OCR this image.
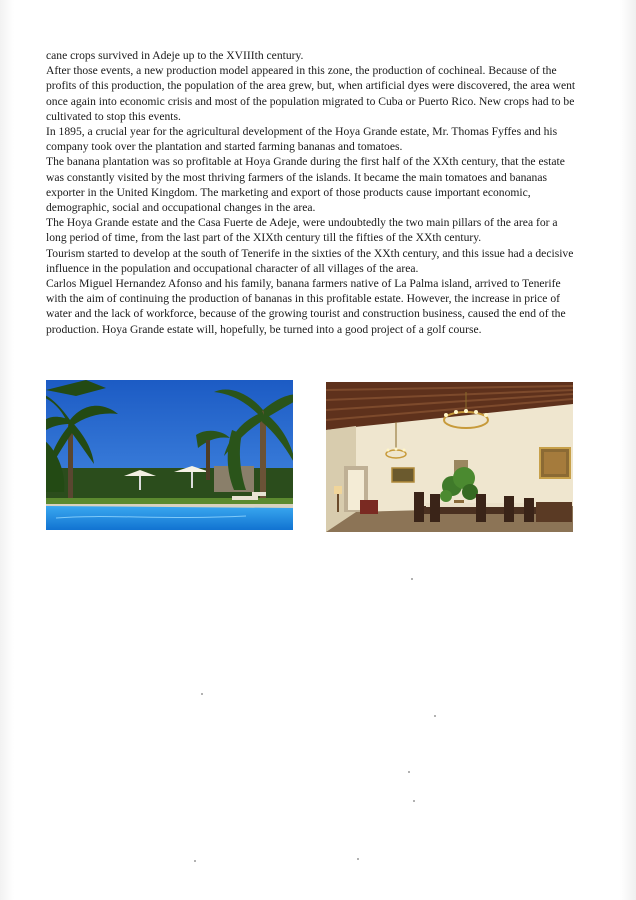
cane crops survived in Adeje up to the XVIIIth century.

After those events, a new production model appeared in this zone, the production of cochineal. Because of the profits of this production, the population of the area grew, but, when artificial dyes were discovered, the area went once again into economic crisis and most of the population migrated to Cuba or Puerto Rico. New crops had to be cultivated to stop this events.

In 1895, a crucial year for the agricultural development of the Hoya Grande estate, Mr. Thomas Fyffes and his company took over the plantation and started farming bananas and tomatoes.

The banana plantation was so profitable at Hoya Grande during the first half of the XXth century, that the estate was constantly visited by the most thriving farmers of the islands. It became the main tomatoes and bananas exporter in the United Kingdom. The marketing and export of those products cause important economic, demographic, social and occupational changes in the area.

The Hoya Grande estate and the Casa Fuerte de Adeje, were undoubtedly the two main pillars of the area for a long period of time, from the last part of the XIXth century till the fifties of the XXth century.

Tourism started to develop at the south of Tenerife in the sixties of the XXth century, and this issue had a decisive influence in the population and occupational character of all villages of the area.

Carlos Miguel Hernandez Afonso and his family, banana farmers native of La Palma island, arrived to Tenerife with the aim of continuing the production of bananas in this profitable estate. However, the increase in price of water and the lack of workforce, because of the growing tourist and construction business, caused the end of the production. Hoya Grande estate will, hopefully, be turned into a good project of a golf course.
